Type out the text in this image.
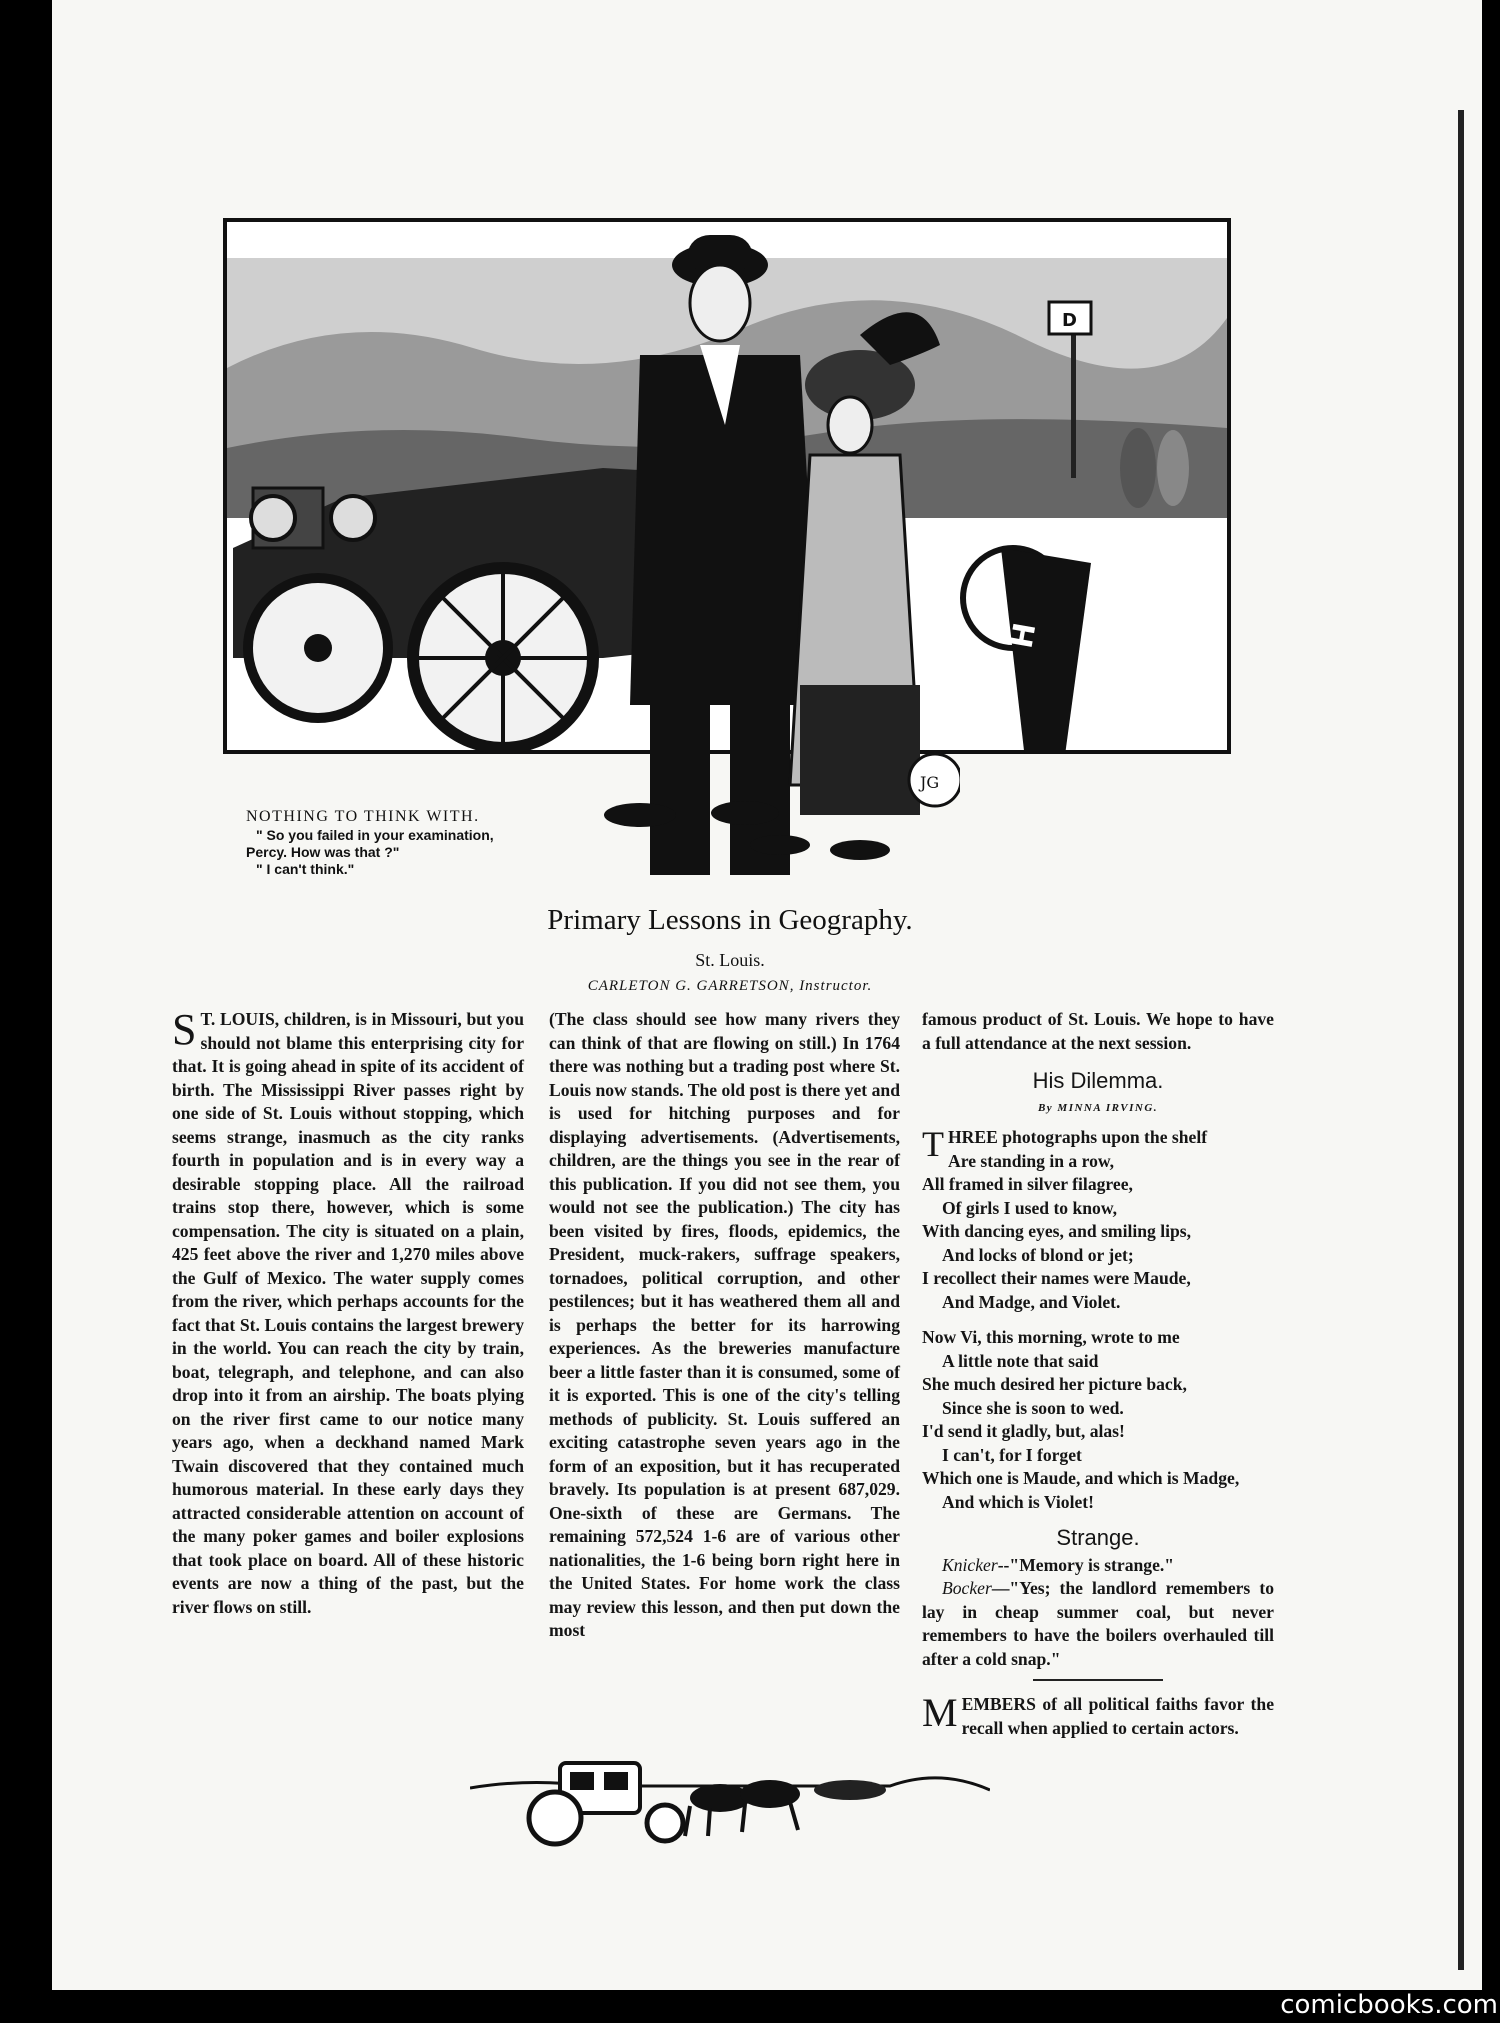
D
H
JG
NOTHING TO THINK WITH.
" So you failed in your examination,
Percy. How was that ?"
" I can't think."
Primary Lessons in Geography.
St. Louis.
CARLETON G. GARRETSON, Instructor.

S T. LOUIS, children, is in Missouri, but you should not blame this enterprising city for that. It is going ahead in spite of its accident of birth. The Mississippi River passes right by one side of St. Louis without stopping, which seems strange, inasmuch as the city ranks fourth in population and is in every way a desirable stopping place. All the railroad trains stop there, however, which is some compensation. The city is situated on a plain, 425 feet above the river and 1,270 miles above the Gulf of Mexico. The water supply comes from the river, which perhaps accounts for the fact that St. Louis contains the largest brewery in the world. You can reach the city by train, boat, telegraph, and telephone, and can also drop into it from an airship. The boats plying on the river first came to our notice many years ago, when a deckhand named Mark Twain discovered that they contained much humorous material. In these early days they attracted considerable attention on account of the many poker games and boiler explosions that took place on board. All of these historic events are now a thing of the past, but the river flows on still.

(The class should see how many rivers they can think of that are flowing on still.) In 1764 there was nothing but a trading post where St. Louis now stands. The old post is there yet and is used for hitching purposes and for displaying advertisements. (Advertisements, children, are the things you see in the rear of this publication. If you did not see them, you would not see the publication.) The city has been visited by fires, floods, epidemics, the President, muck-rakers, suffrage speakers, tornadoes, political corruption, and other pestilences; but it has weathered them all and is perhaps the better for its harrowing experiences. As the breweries manufacture beer a little faster than it is consumed, some of it is exported. This is one of the city's telling methods of publicity. St. Louis suffered an exciting catastrophe seven years ago in the form of an exposition, but it has recuperated bravely. Its population is at present 687,029. One-sixth of these are Germans. The remaining 572,524 1-6 are of various other nationalities, the 1-6 being born right here in the United States. For home work the class may review this lesson, and then put down the most

famous product of St. Louis. We hope to have a full attendance at the next session.

His Dilemma.
By MINNA IRVING.
THREE photographs upon the shelf
Are standing in a row,
All framed in silver filagree,
Of girls I used to know,
With dancing eyes, and smiling lips,
And locks of blond or jet;
I recollect their names were Maude,
And Madge, and Violet.
Now Vi, this morning, wrote to me
A little note that said
She much desired her picture back,
Since she is soon to wed.
I'd send it gladly, but, alas!
I can't, for I forget
Which one is Maude, and which is Madge,
And which is Violet!
Strange.

Knicker--"Memory is strange."

Bocker—"Yes; the landlord remembers to lay in cheap summer coal, but never remembers to have the boilers overhauled till after a cold snap."

MEMBERS of all political faiths favor the recall when applied to certain actors.

comicbooks.com
